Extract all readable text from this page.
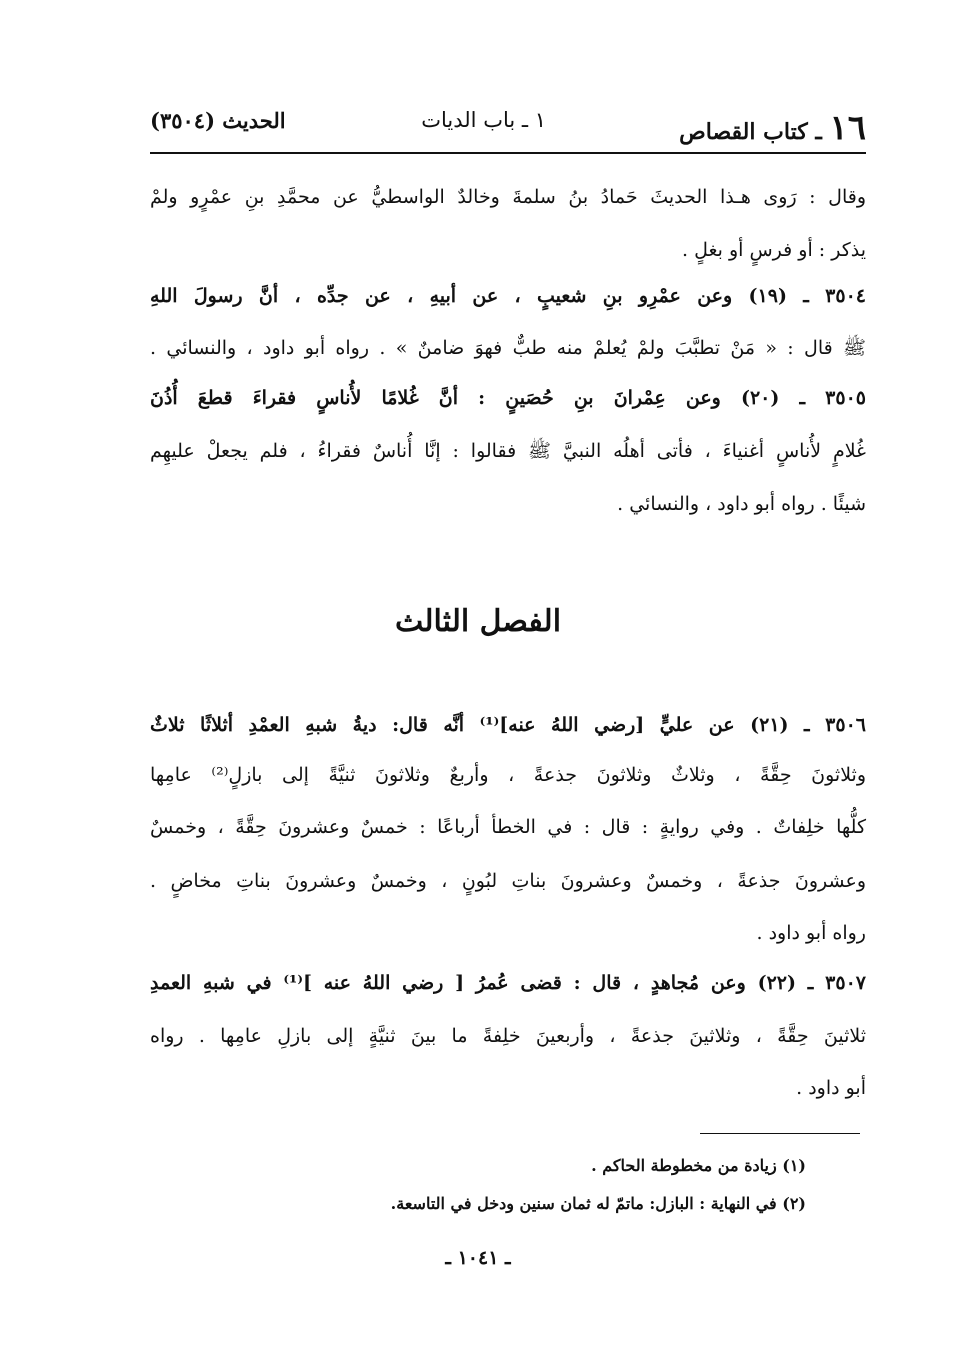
١٦ ـ كتاب القصاص
١ ـ باب الديات
الحديث (٣٥٠٤)
وقال : رَوى هـذا الحديثَ حَمادُ بنُ سلمةَ وخالدٌ الواسطيُّ عن محمَّدِ بنِ عمْرٍو ولمْ
يذكر : أو فرسٍ أو بغلٍ .
٣٥٠٤ ـ (١٩) وعن عمْرِو بنِ شعيبٍ ، عن أبيهِ ، عن جدِّه ، أنَّ رسولَ اللهِ
ﷺ قال : « مَنْ تطبَّبَ ولمْ يُعلمْ منه طبٌّ فهوَ ضامنٌ » . رواه أبو داود ، والنسائي .
٣٥٠٥ ـ (٢٠) وعن عِمْرانَ بنِ حُصَينٍ : أنَّ غُلامًا لأُناسٍ فقراءَ قطعَ أُذُنَ
غُلامٍ لأُناسٍ أغنياءَ ، فأتى أهلُه النبيَّ ﷺ فقالوا : إنَّا أُناسٌ فقراءُ ، فلم يجعلْ عليهِم
شيئًا . رواه أبو داود ، والنسائي .
الفصل الثالث
٣٥٠٦ ـ (٢١) عن عليٍّ [رضي اللهُ عنه]⁽¹⁾ أنَّه قال: ديةُ شبهِ العمْدِ أثلاثًا ثلاثٌ
وثلاثونَ حِقَّةً ، وثلاثٌ وثلاثونَ جذعةً ، وأربعٌ وثلاثونَ ثنيَّةً إلى بازلٍ⁽²⁾ عامِها
كلُّها خلِفاتٌ . وفي روايةٍ : قال : في الخطأ أرباعًا : خمسٌ وعشرونَ حِقَّةً ، وخمسٌ
وعشرونَ جذعةً ، وخمسٌ وعشرونَ بناتِ لبُونٍ ، وخمسٌ وعشرونَ بناتِ مخاضٍ .
رواه أبو داود .
٣٥٠٧ ـ (٢٢) وعن مُجاهدٍ ، قال : قضى عُمرُ [ رضي اللهُ عنه ]⁽¹⁾ في شبهِ العمدِ
ثلاثينَ حِقَّةً ، وثلاثينَ جذعةً ، وأربعينَ خلِفةً ما بينَ ثنيَّةٍ إلى بازلِ عامِها . رواه
أبو داود .
(١) زيادة من مخطوطة الحاكم .
(٢) في النهاية : البازل: ماتمّ له ثمان سنين ودخل في التاسعة.
ـ ١٠٤١ ـ
